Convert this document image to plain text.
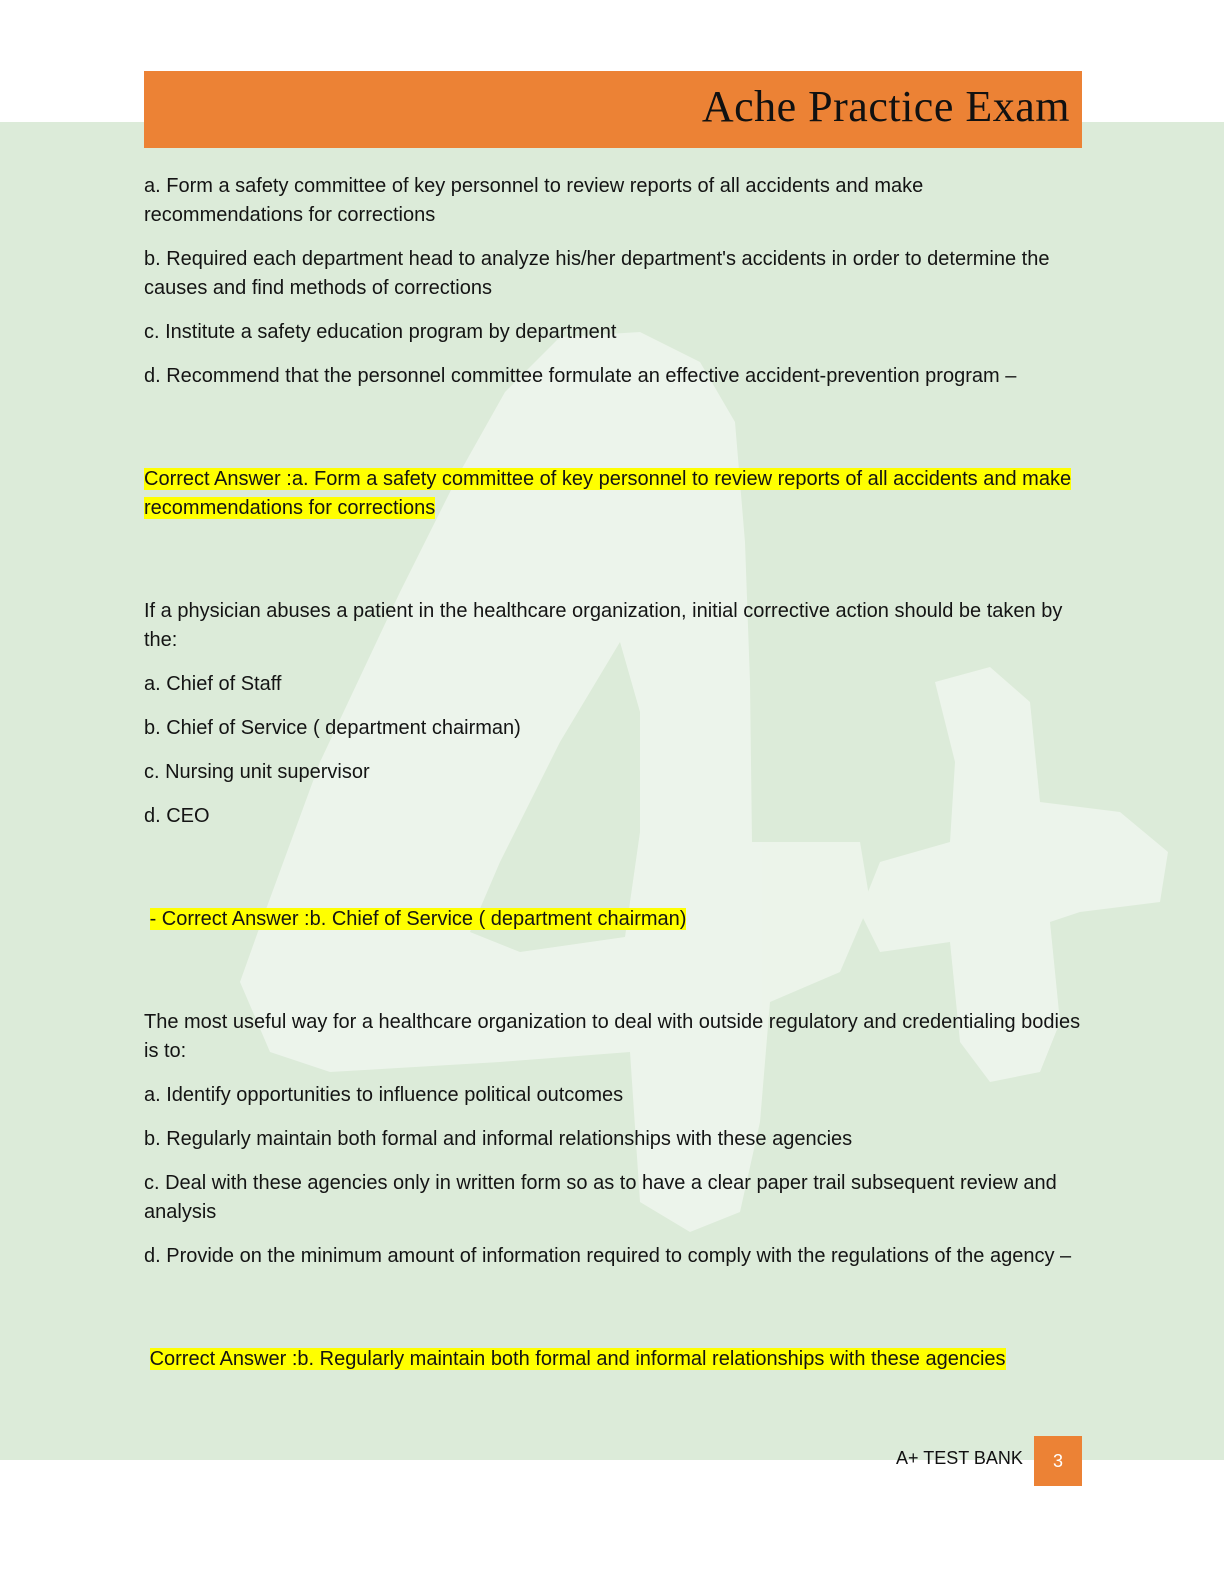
Ache Practice Exam

a. Form a safety committee of key personnel to review reports of all accidents and make recommendations for corrections

b. Required each department head to analyze his/her department's accidents in order to determine the causes and find methods of corrections

c. Institute a safety education program by department

d. Recommend that the personnel committee formulate an effective accident-prevention program –

Correct Answer :a. Form a safety committee of key personnel to review reports of all accidents and make recommendations for corrections

If a physician abuses a patient in the healthcare organization, initial corrective action should be taken by the:

a. Chief of Staff

b. Chief of Service ( department chairman)

c. Nursing unit supervisor

d. CEO

- Correct Answer :b. Chief of Service ( department chairman)

The most useful way for a healthcare organization to deal with outside regulatory and credentialing bodies is to:

a. Identify opportunities to influence political outcomes

b. Regularly maintain both formal and informal relationships with these agencies

c. Deal with these agencies only in written form so as to have a clear paper trail subsequent review and analysis

d. Provide on the minimum amount of information required to comply with the regulations of the agency –

Correct Answer :b. Regularly maintain both formal and informal relationships with these agencies

A+ TEST BANK	3
